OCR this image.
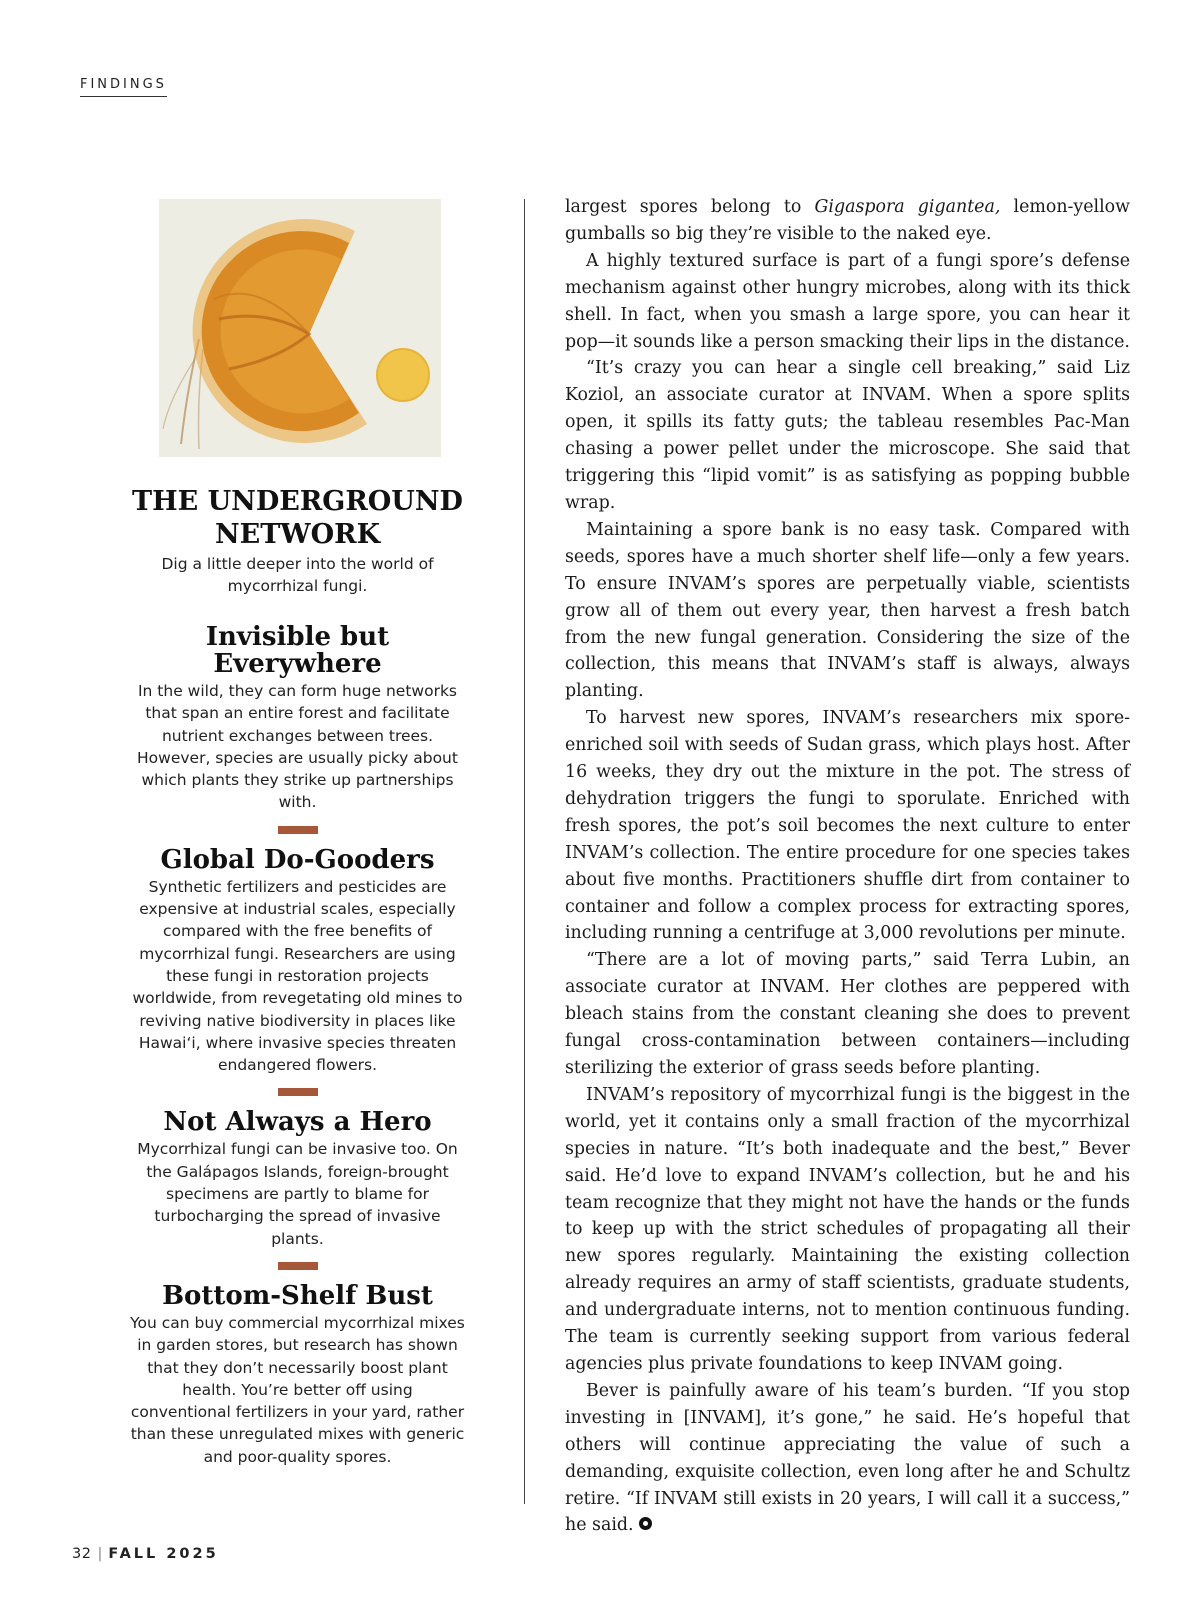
FINDINGS
THE UNDERGROUND NETWORK

Dig a little deeper into the world of mycorrhizal fungi.

Invisible but Everywhere

In the wild, they can form huge networks that span an entire forest and facilitate nutrient exchanges between trees. However, species are usually picky about which plants they strike up partnerships with.

Global Do-Gooders

Synthetic fertilizers and pesticides are expensive at industrial scales, especially compared with the free benefits of mycorrhizal fungi. Researchers are using these fungi in restoration projects worldwide, from revegetating old mines to reviving native biodiversity in places like Hawai‘i, where invasive species threaten endangered flowers.

Not Always a Hero

Mycorrhizal fungi can be invasive too. On the Galápagos Islands, foreign-brought specimens are partly to blame for turbocharging the spread of invasive plants.

Bottom-Shelf Bust

You can buy commercial mycorrhizal mixes in garden stores, but research has shown that they don’t necessarily boost plant health. You’re better off using conventional fertilizers in your yard, rather than these unregulated mixes with generic and poor-quality spores.

largest spores belong to Gigaspora gigantea, lemon-yellow gumballs so big they’re visible to the naked eye.

A highly textured surface is part of a fungi spore’s defense mechanism against other hungry microbes, along with its thick shell. In fact, when you smash a large spore, you can hear it pop—it sounds like a person smacking their lips in the distance.

“It’s crazy you can hear a single cell breaking,” said Liz Koziol, an associate curator at INVAM. When a spore splits open, it spills its fatty guts; the tableau resembles Pac-Man chasing a power pellet under the microscope. She said that triggering this “lipid vomit” is as satisfying as popping bubble wrap.

Maintaining a spore bank is no easy task. Compared with seeds, spores have a much shorter shelf life—only a few years. To ensure INVAM’s spores are perpetually viable, scientists grow all of them out every year, then harvest a fresh batch from the new fungal generation. Considering the size of the collection, this means that INVAM’s staff is always, always planting.

To harvest new spores, INVAM’s researchers mix spore-enriched soil with seeds of Sudan grass, which plays host. After 16 weeks, they dry out the mixture in the pot. The stress of dehydration triggers the fungi to sporulate. Enriched with fresh spores, the pot’s soil becomes the next culture to enter INVAM’s collection. The entire procedure for one species takes about five months. Practitioners shuffle dirt from container to container and follow a complex process for extracting spores, including running a centrifuge at 3,000 revolutions per minute.

“There are a lot of moving parts,” said Terra Lubin, an associate curator at INVAM. Her clothes are peppered with bleach stains from the constant cleaning she does to prevent fungal cross-contamination between containers—including sterilizing the exterior of grass seeds before planting.

INVAM’s repository of mycorrhizal fungi is the biggest in the world, yet it contains only a small fraction of the mycorrhizal species in nature. “It’s both inadequate and the best,” Bever said. He’d love to expand INVAM’s collection, but he and his team recognize that they might not have the hands or the funds to keep up with the strict schedules of propagating all their new spores regularly. Maintaining the existing collection already requires an army of staff scientists, graduate students, and undergraduate interns, not to mention continuous funding. The team is currently seeking support from various federal agencies plus private foundations to keep INVAM going.

Bever is painfully aware of his team’s burden. “If you stop investing in [INVAM], it’s gone,” he said. He’s hopeful that others will continue appreciating the value of such a demanding, exquisite collection, even long after he and Schultz retire. “If INVAM still exists in 20 years, I will call it a success,” he said.

32 | FALL 2025
